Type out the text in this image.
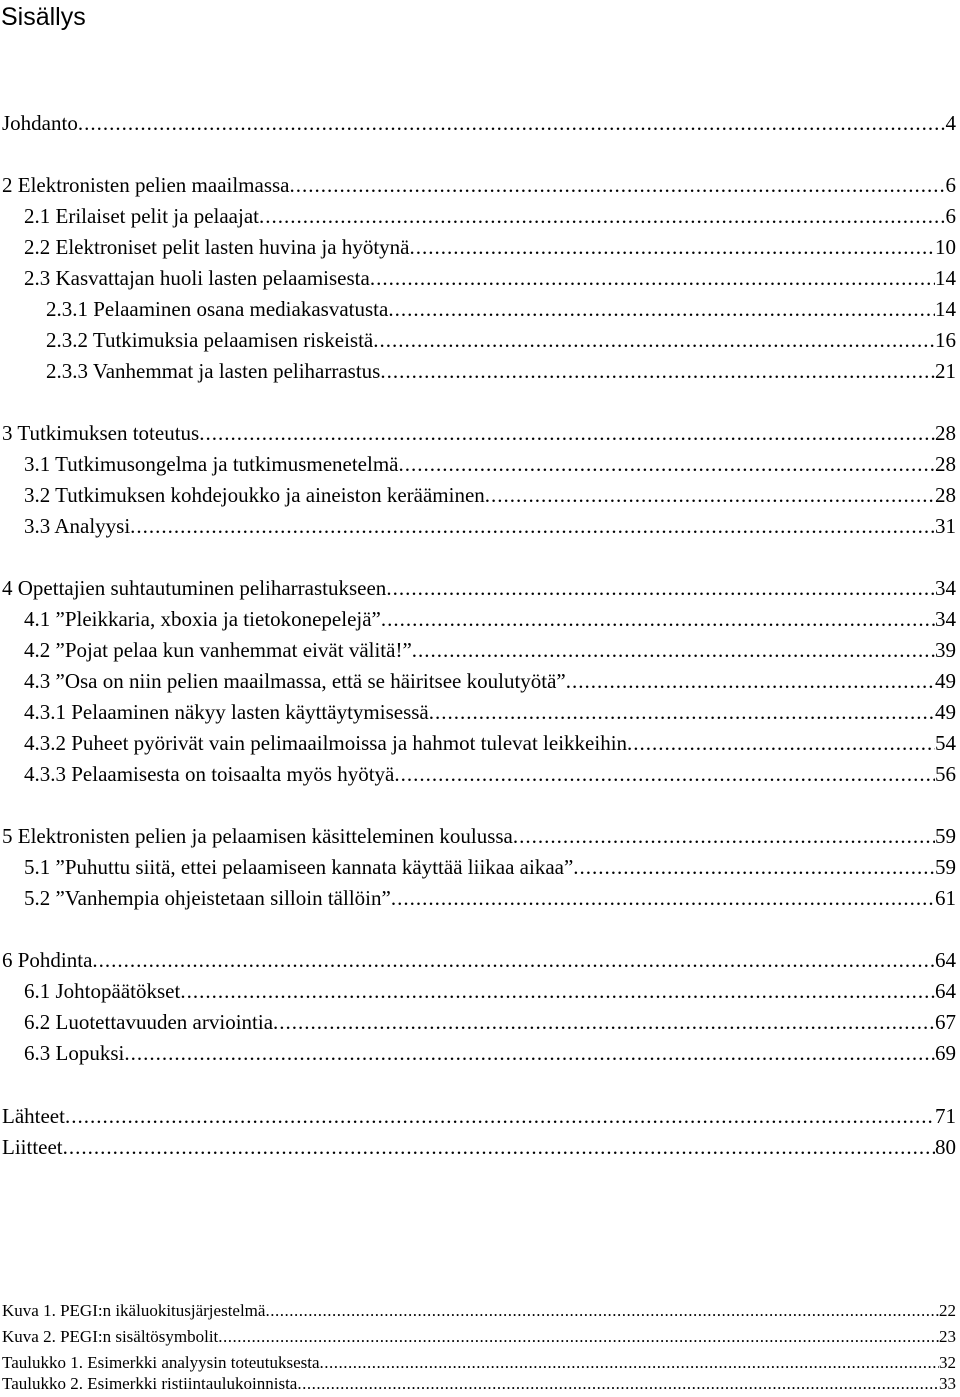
Sisällys
Johdanto .....	4
2 Elektronisten pelien maailmassa .....	6
2.1 Erilaiset pelit ja pelaajat .....	6
2.2 Elektroniset pelit lasten huvina ja hyötynä .....	10
2.3 Kasvattajan huoli lasten pelaamisesta .....	14
2.3.1 Pelaaminen osana mediakasvatusta .....	14
2.3.2 Tutkimuksia pelaamisen riskeistä .....	16
2.3.3 Vanhemmat ja lasten peliharrastus .....	21
3 Tutkimuksen toteutus .....	28
3.1 Tutkimusongelma ja tutkimusmenetelmä .....	28
3.2 Tutkimuksen kohdejoukko ja aineiston kerääminen .....	28
3.3 Analyysi .....	31
4 Opettajien suhtautuminen peliharrastukseen .....	34
4.1 ”Pleikkaria, xboxia ja tietokonepelejä” .....	34
4.2 ”Pojat pelaa kun vanhemmat eivät välitä!” .....	39
4.3 ”Osa on niin pelien maailmassa, että se häiritsee koulutyötä” .....	49
4.3.1 Pelaaminen näkyy lasten käyttäytymisessä .....	49
4.3.2 Puheet pyörivät vain pelimaailmoissa ja hahmot tulevat leikkeihin .....	54
4.3.3 Pelaamisesta on toisaalta myös hyötyä .....	56
5 Elektronisten pelien ja pelaamisen käsitteleminen koulussa .....	59
5.1 ”Puhuttu siitä, ettei pelaamiseen kannata käyttää liikaa aikaa” .....	59
5.2 ”Vanhempia ohjeistetaan silloin tällöin” .....	61
6 Pohdinta .....	64
6.1 Johtopäätökset .....	64
6.2 Luotettavuuden arviointia .....	67
6.3 Lopuksi .....	69
Lähteet .....	71
Liitteet .....	80
Kuva 1. PEGI:n ikäluokitusjärjestelmä .....	22
Kuva 2. PEGI:n sisältösymbolit .....	23
Taulukko 1. Esimerkki analyysin toteutuksesta .....	32
Taulukko 2. Esimerkki ristiintaulukoinnista .....	33
